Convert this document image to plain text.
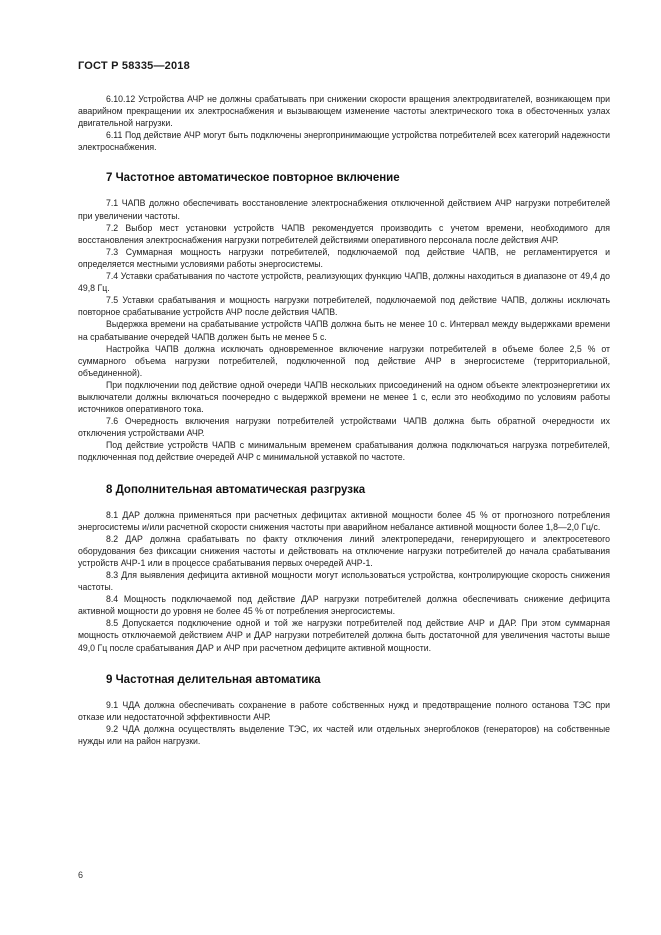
ГОСТ Р 58335—2018

6.10.12 Устройства АЧР не должны срабатывать при снижении скорости вращения электродвигателей, возникающем при аварийном прекращении их электроснабжения и вызывающем изменение частоты электрического тока в обесточенных узлах двигательной нагрузки.

6.11 Под действие АЧР могут быть подключены энергопринимающие устройства потребителей всех категорий надежности электроснабжения.

7 Частотное автоматическое повторное включение

7.1 ЧАПВ должно обеспечивать восстановление электроснабжения отключенной действием АЧР нагрузки потребителей при увеличении частоты.

7.2 Выбор мест установки устройств ЧАПВ рекомендуется производить с учетом времени, необходимого для восстановления электроснабжения нагрузки потребителей действиями оперативного персонала после действия АЧР.

7.3 Суммарная мощность нагрузки потребителей, подключаемой под действие ЧАПВ, не регламентируется и определяется местными условиями работы энергосистемы.

7.4 Уставки срабатывания по частоте устройств, реализующих функцию ЧАПВ, должны находиться в диапазоне от 49,4 до 49,8 Гц.

7.5 Уставки срабатывания и мощность нагрузки потребителей, подключаемой под действие ЧАПВ, должны исключать повторное срабатывание устройств АЧР после действия ЧАПВ.

Выдержка времени на срабатывание устройств ЧАПВ должна быть не менее 10 с. Интервал между выдержками времени на срабатывание очередей ЧАПВ должен быть не менее 5 с.

Настройка ЧАПВ должна исключать одновременное включение нагрузки потребителей в объеме более 2,5 % от суммарного объема нагрузки потребителей, подключенной под действие АЧР в энергосистеме (территориальной, объединенной).

При подключении под действие одной очереди ЧАПВ нескольких присоединений на одном объекте электроэнергетики их выключатели должны включаться поочередно с выдержкой времени не менее 1 с, если это необходимо по условиям работы источников оперативного тока.

7.6 Очередность включения нагрузки потребителей устройствами ЧАПВ должна быть обратной очередности их отключения устройствами АЧР.

Под действие устройств ЧАПВ с минимальным временем срабатывания должна подключаться нагрузка потребителей, подключенная под действие очередей АЧР с минимальной уставкой по частоте.

8 Дополнительная автоматическая разгрузка

8.1 ДАР должна применяться при расчетных дефицитах активной мощности более 45 % от прогнозного потребления энергосистемы и/или расчетной скорости снижения частоты при аварийном небалансе активной мощности более 1,8—2,0 Гц/с.

8.2 ДАР должна срабатывать по факту отключения линий электропередачи, генерирующего и электросетевого оборудования без фиксации снижения частоты и действовать на отключение нагрузки потребителей до начала срабатывания устройств АЧР-1 или в процессе срабатывания первых очередей АЧР-1.

8.3 Для выявления дефицита активной мощности могут использоваться устройства, контролирующие скорость снижения частоты.

8.4 Мощность подключаемой под действие ДАР нагрузки потребителей должна обеспечивать снижение дефицита активной мощности до уровня не более 45 % от потребления энергосистемы.

8.5 Допускается подключение одной и той же нагрузки потребителей под действие АЧР и ДАР. При этом суммарная мощность отключаемой действием АЧР и ДАР нагрузки потребителей должна быть достаточной для увеличения частоты выше 49,0 Гц после срабатывания ДАР и АЧР при расчетном дефиците активной мощности.

9 Частотная делительная автоматика

9.1 ЧДА должна обеспечивать сохранение в работе собственных нужд и предотвращение полного останова ТЭС при отказе или недостаточной эффективности АЧР.

9.2 ЧДА должна осуществлять выделение ТЭС, их частей или отдельных энергоблоков (генераторов) на собственные нужды или на район нагрузки.

6
